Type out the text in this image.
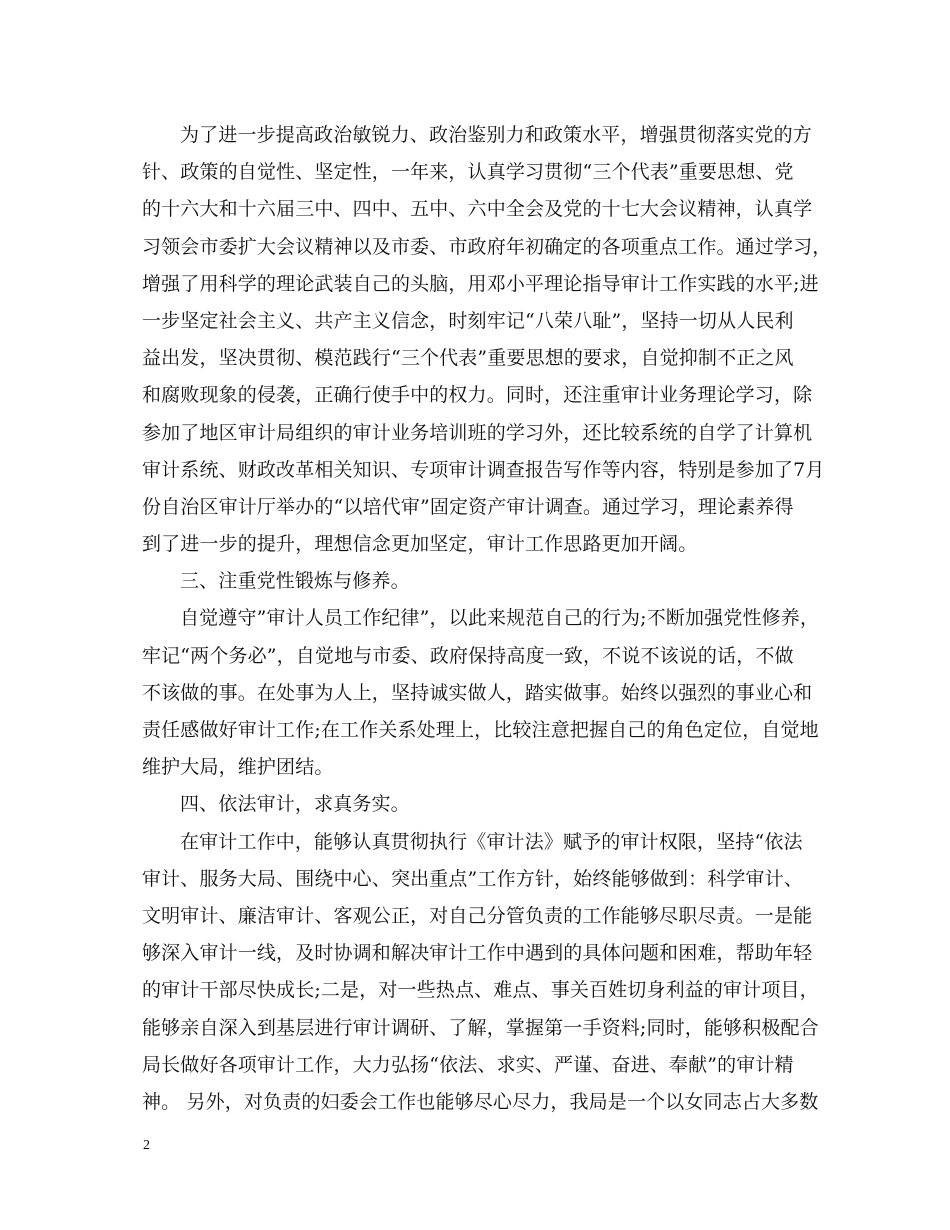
为了进一步提高政治敏锐力、政治鉴别力和政策水平，增强贯彻落实党的方
针、政策的自觉性、坚定性，一年来，认真学习贯彻“三个代表”重要思想、党
的十六大和十六届三中、四中、五中、六中全会及党的十七大会议精神，认真学
习领会市委扩大会议精神以及市委、市政府年初确定的各项重点工作。通过学习，
增强了用科学的理论武装自己的头脑，用邓小平理论指导审计工作实践的水平;进
一步坚定社会主义、共产主义信念，时刻牢记“八荣八耻”，坚持一切从人民利
益出发，坚决贯彻、模范践行“三个代表”重要思想的要求，自觉抑制不正之风
和腐败现象的侵袭，正确行使手中的权力。同时，还注重审计业务理论学习，除
参加了地区审计局组织的审计业务培训班的学习外，还比较系统的自学了计算机
审计系统、财政改革相关知识、专项审计调查报告写作等内容，特别是参加了7月
份自治区审计厅举办的“以培代审”固定资产审计调查。通过学习，理论素养得
到了进一步的提升，理想信念更加坚定，审计工作思路更加开阔。
三、注重党性锻炼与修养。
自觉遵守”审计人员工作纪律”，以此来规范自己的行为;不断加强党性修养，
牢记“两个务必”，自觉地与市委、政府保持高度一致，不说不该说的话，不做
不该做的事。在处事为人上，坚持诚实做人，踏实做事。始终以强烈的事业心和
责任感做好审计工作;在工作关系处理上，比较注意把握自己的角色定位，自觉地
维护大局，维护团结。
四、依法审计，求真务实。
在审计工作中，能够认真贯彻执行《审计法》赋予的审计权限，坚持“依法
审计、服务大局、围绕中心、突出重点”工作方针，始终能够做到：科学审计、
文明审计、廉洁审计、客观公正，对自己分管负责的工作能够尽职尽责。一是能
够深入审计一线，及时协调和解决审计工作中遇到的具体问题和困难，帮助年轻
的审计干部尽快成长;二是，对一些热点、难点、事关百姓切身利益的审计项目，
能够亲自深入到基层进行审计调研、了解，掌握第一手资料;同时，能够积极配合
局长做好各项审计工作，大力弘扬“依法、求实、严谨、奋进、奉献”的审计精
神。 另外，对负责的妇委会工作也能够尽心尽力，我局是一个以女同志占大多数
2
